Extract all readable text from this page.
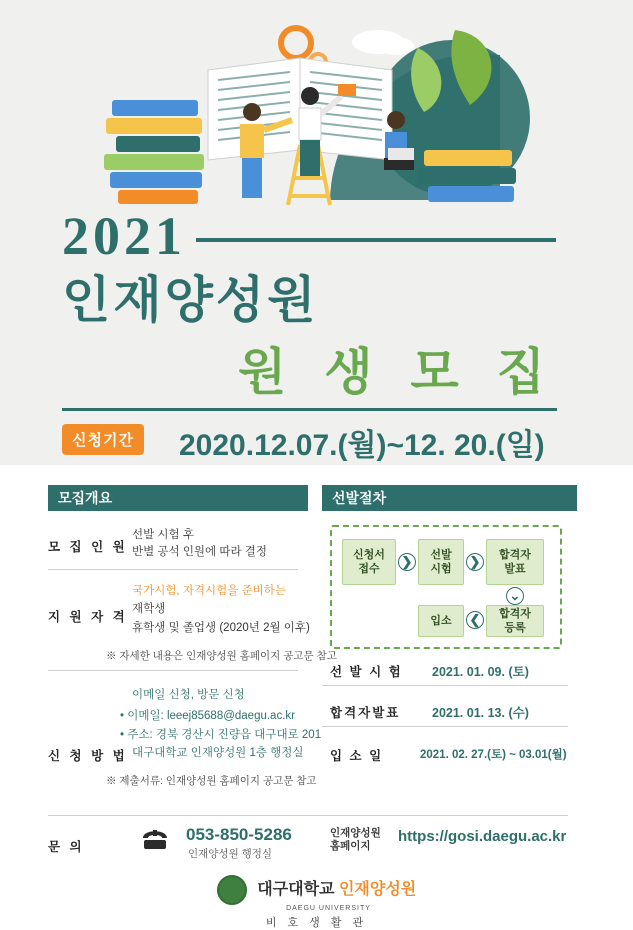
2021
인재양성원
원 생 모 집
신청기간	2020.12.07.(월)~12. 20.(일)
모집개요
모 집 인 원
선발 시험 후
반별 공석 인원에 따라 결정
지 원 자 격
국가시험, 자격시험을 준비하는
재학생
휴학생 및 졸업생 (2020년 2월 이후)
※ 자세한 내용은 인재양성원 홈페이지 공고문 참고
신 청 방 법
이메일 신청, 방문 신청
• 이메일: leeej85688@daegu.ac.kr
• 주소: 경북 경산시 진량읍 대구대로 201
대구대학교 인재양성원 1층 행정실
※ 제출서류: 인재양성원 홈페이지 공고문 참고
선발절차
신청서
접수	❯	선발
시험 ❯	합격자
발표
⌄
합격자
등록
❮
입소
선 발 시 험 2021. 01. 09. (토)
합격자발표	2021. 01. 13. (수)
입 소 일	2021. 02. 27.(토) ~ 03.01(월)
문 의
053-850-5286
인재양성원 행정실
인재양성원
홈페이지
https://gosi.daegu.ac.kr
대구대학교 인재양성원
DAEGU UNIVERSITY
비 호 생 활 관
